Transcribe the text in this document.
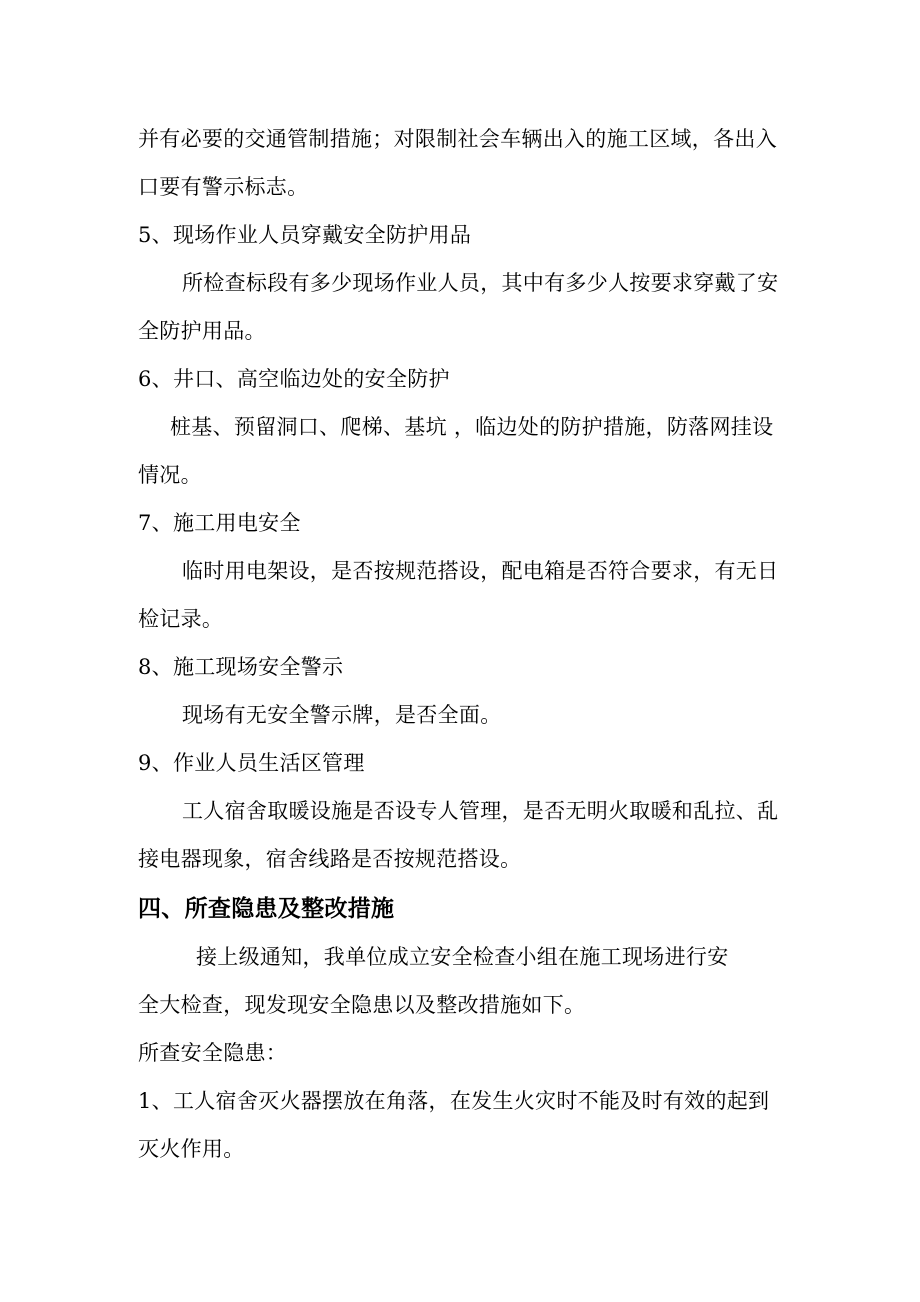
并有必要的交通管制措施；对限制社会车辆出入的施工区域，各出入
口要有警示标志。
5、现场作业人员穿戴安全防护用品
所检查标段有多少现场作业人员，其中有多少人按要求穿戴了安
全防护用品。
6、井口、高空临边处的安全防护
桩基、预留洞口、爬梯、基坑 ，临边处的防护措施，防落网挂设
情况。
7、施工用电安全
临时用电架设，是否按规范搭设，配电箱是否符合要求，有无日
检记录。
8、施工现场安全警示
现场有无安全警示牌，是否全面。
9、作业人员生活区管理
工人宿舍取暖设施是否设专人管理，是否无明火取暖和乱拉、乱
接电器现象，宿舍线路是否按规范搭设。
四、所查隐患及整改措施
接上级通知，我单位成立安全检查小组在施工现场进行安
全大检查，现发现安全隐患以及整改措施如下。
所查安全隐患：
1、工人宿舍灭火器摆放在角落，在发生火灾时不能及时有效的起到
灭火作用。
